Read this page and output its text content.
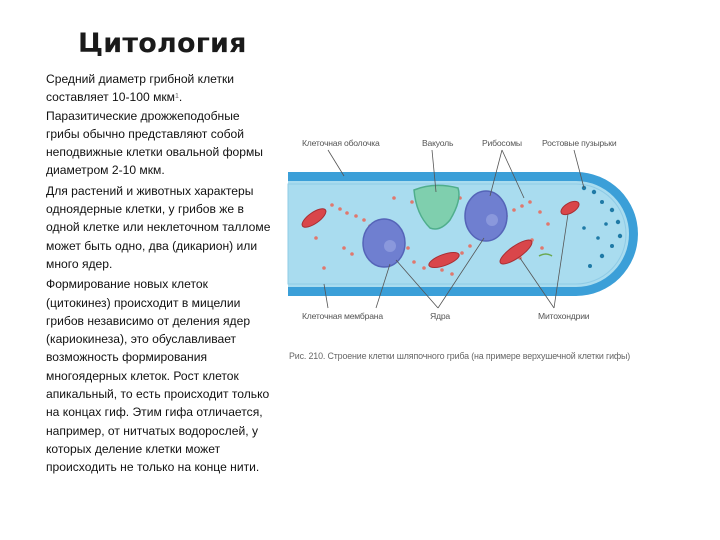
Цитология

Средний диаметр грибной клетки составляет 10-100 мкм$^1$. Паразитические дрожжеподобные грибы обычно представляют собой неподвижные клетки овальной формы диаметром 2-10 мкм.

Для растений и животных характеры одноядерные клетки, у грибов же в одной клетке или неклеточном талломе может быть одно, два (дикарион) или много ядер.

Формирование новых клеток (цитокинез) происходит в мицелии грибов независимо от деления ядер (кариокинеза), это обуславливает возможность формирования многоядерных клеток. Рост клеток апикальный, то есть происходит только на концах гиф. Этим гифа отличается, например, от нитчатых водорослей, у которых деление клетки может происходить не только на конце нити.

Клеточная оболочка	Вакуоль	Рибосомы Ростовые пузырьки
Клеточная мембрана	Ядра	Митохондрии
Рис. 210. Строение клетки шляпочного гриба (на примере верхушечной клетки гифы)
